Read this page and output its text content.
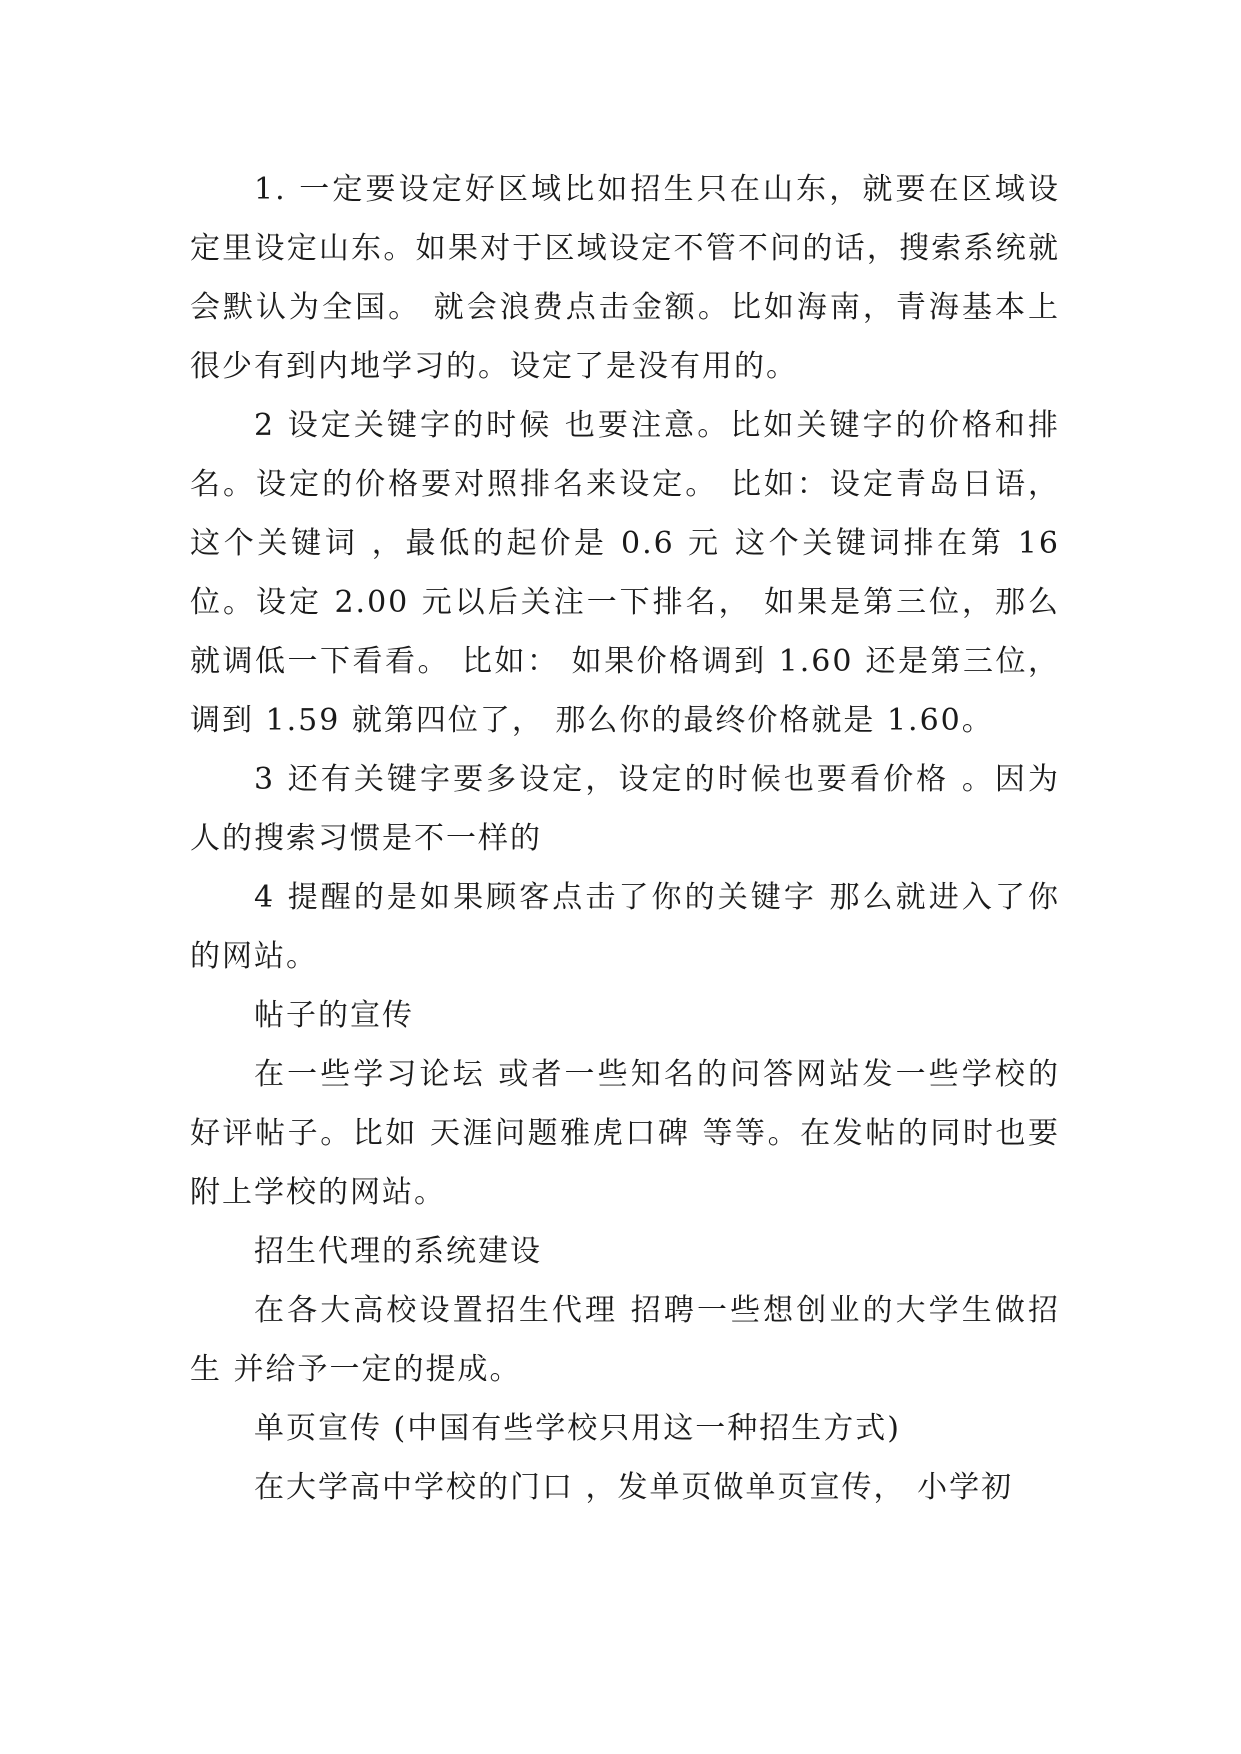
1. 一定要设定好区域比如招生只在山东，就要在区域设定里设定山东。如果对于区域设定不管不问的话，搜索系统就会默认为全国。 就会浪费点击金额。比如海南，青海基本上很少有到内地学习的。设定了是没有用的。

2 设定关键字的时候 也要注意。比如关键字的价格和排名。设定的价格要对照排名来设定。 比如：设定青岛日语， 这个关键词 ，最低的起价是 0.6 元 这个关键词排在第 16 位。设定 2.00 元以后关注一下排名， 如果是第三位，那么就调低一下看看。 比如： 如果价格调到 1.60 还是第三位， 调到 1.59 就第四位了， 那么你的最终价格就是 1.60。

3 还有关键字要多设定，设定的时候也要看价格 。因为人的搜索习惯是不一样的

4 提醒的是如果顾客点击了你的关键字 那么就进入了你的网站。

帖子的宣传

在一些学习论坛 或者一些知名的问答网站发一些学校的好评帖子。比如 天涯问题雅虎口碑 等等。在发帖的同时也要附上学校的网站。

招生代理的系统建设

在各大高校设置招生代理 招聘一些想创业的大学生做招生 并给予一定的提成。

单页宣传 (中国有些学校只用这一种招生方式)

在大学高中学校的门口 ，发单页做单页宣传， 小学初
